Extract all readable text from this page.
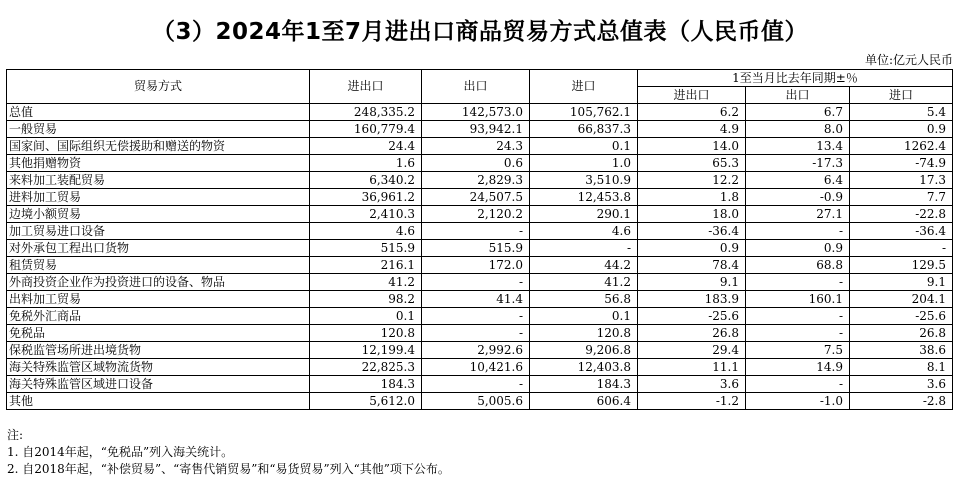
（3）2024年1至7月进出口商品贸易方式总值表（人民币值）
单位:亿元人民币
贸易方式	进出口	出口	进口	1至当月比去年同期±％		
				进出口	出口	进口
总值	248,335.2	142,573.0	105,762.1	6.2	6.7	5.4
一般贸易	160,779.4	93,942.1	66,837.3	4.9	8.0	0.9
国家间、国际组织无偿援助和赠送的物资	24.4	24.3	0.1	14.0	13.4	1262.4
其他捐赠物资	1.6	0.6	1.0	65.3	-17.3	-74.9
来料加工装配贸易	6,340.2	2,829.3	3,510.9	12.2	6.4	17.3
进料加工贸易	36,961.2	24,507.5	12,453.8	1.8	-0.9	7.7
边境小额贸易	2,410.3	2,120.2	290.1	18.0	27.1	-22.8
加工贸易进口设备	4.6	-	4.6	-36.4	-	-36.4
对外承包工程出口货物	515.9	515.9	-	0.9	0.9	-
租赁贸易	216.1	172.0	44.2	78.4	68.8	129.5
外商投资企业作为投资进口的设备、物品	41.2	-	41.2	9.1	-	9.1
出料加工贸易	98.2	41.4	56.8	183.9	160.1	204.1
免税外汇商品	0.1	-	0.1	-25.6	-	-25.6
免税品	120.8	-	120.8	26.8	-	26.8
保税监管场所进出境货物	12,199.4	2,992.6	9,206.8	29.4	7.5	38.6
海关特殊监管区域物流货物	22,825.3	10,421.6	12,403.8	11.1	14.9	8.1
海关特殊监管区域进口设备	184.3	-	184.3	3.6	-	3.6
其他	5,612.0	5,005.6	606.4	-1.2	-1.0	-2.8
注:
1. 自2014年起，“免税品”列入海关统计。
2. 自2018年起，“补偿贸易”、“寄售代销贸易”和“易货贸易”列入“其他”项下公布。
